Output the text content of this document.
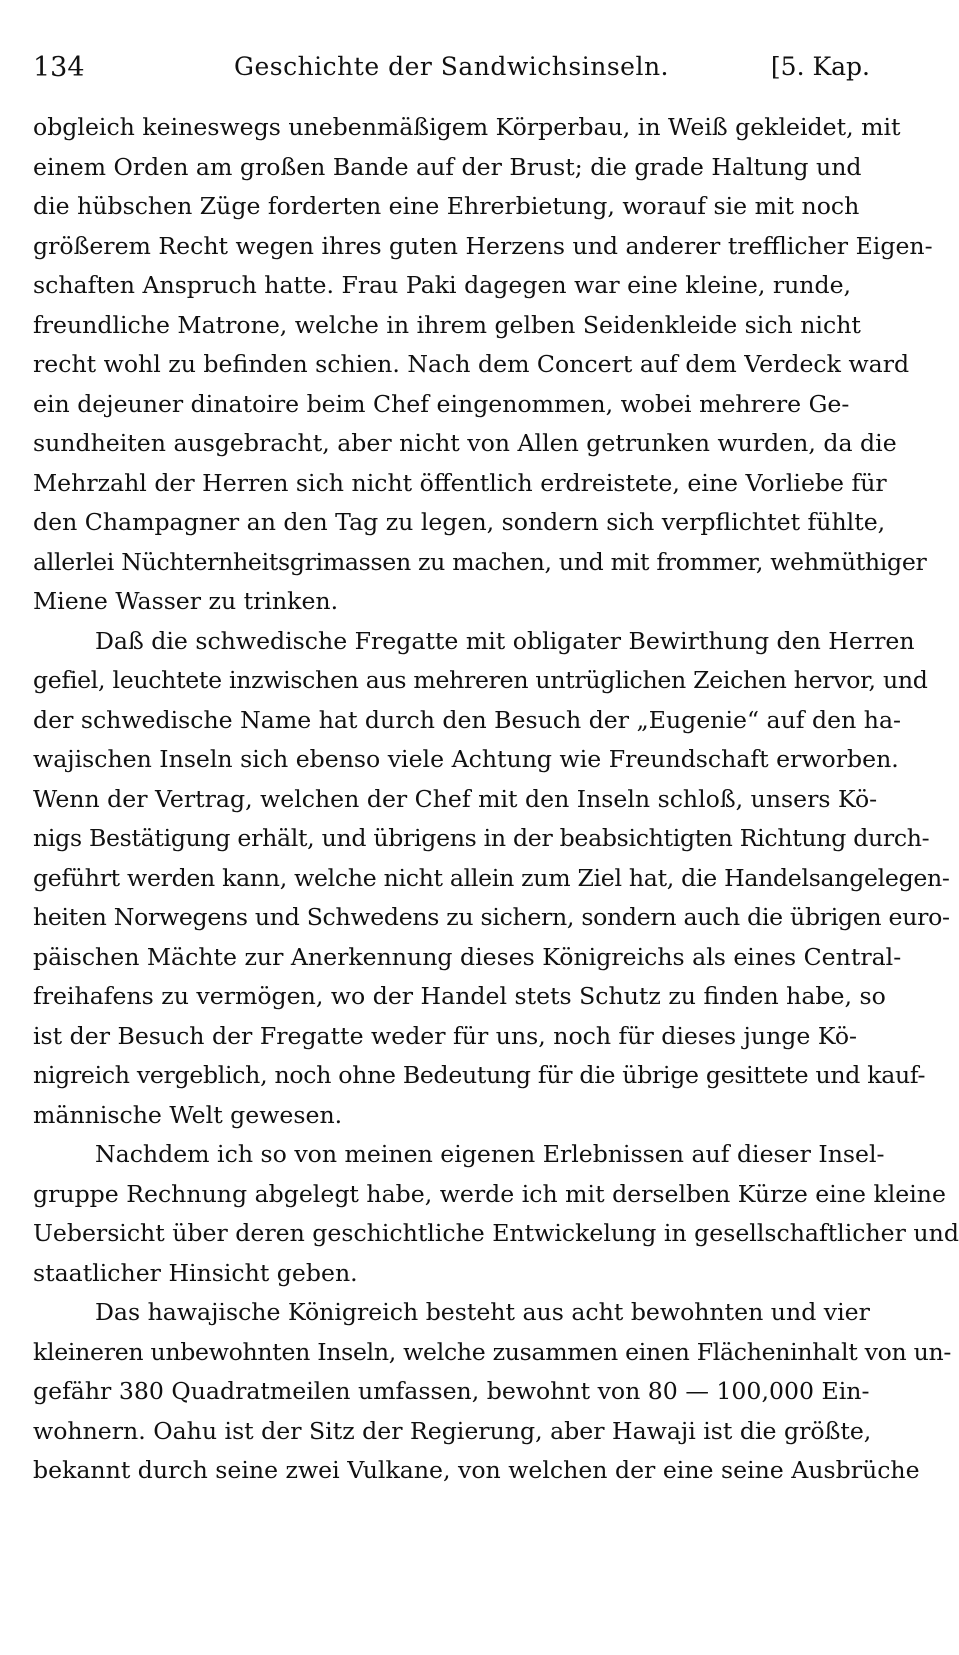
134	Geschichte der Sandwichsinseln.	[5. Kap.
obgleich keineswegs unebenmäßigem Körperbau, in Weiß gekleidet, mit
einem Orden am großen Bande auf der Brust; die grade Haltung und
die hübschen Züge forderten eine Ehrerbietung, worauf sie mit noch
größerem Recht wegen ihres guten Herzens und anderer trefflicher Eigen-
schaften Anspruch hatte. Frau Paki dagegen war eine kleine, runde,
freundliche Matrone, welche in ihrem gelben Seidenkleide sich nicht
recht wohl zu befinden schien. Nach dem Concert auf dem Verdeck ward
ein dejeuner dinatoire beim Chef eingenommen, wobei mehrere Ge-
sundheiten ausgebracht, aber nicht von Allen getrunken wurden, da die
Mehrzahl der Herren sich nicht öffentlich erdreistete, eine Vorliebe für
den Champagner an den Tag zu legen, sondern sich verpflichtet fühlte,
allerlei Nüchternheitsgrimassen zu machen, und mit frommer, wehmüthiger
Miene Wasser zu trinken.
Daß die schwedische Fregatte mit obligater Bewirthung den Herren
gefiel, leuchtete inzwischen aus mehreren untrüglichen Zeichen hervor, und
der schwedische Name hat durch den Besuch der „Eugenie“ auf den ha-
wajischen Inseln sich ebenso viele Achtung wie Freundschaft erworben.
Wenn der Vertrag, welchen der Chef mit den Inseln schloß, unsers Kö-
nigs Bestätigung erhält, und übrigens in der beabsichtigten Richtung durch-
geführt werden kann, welche nicht allein zum Ziel hat, die Handelsangelegen-
heiten Norwegens und Schwedens zu sichern, sondern auch die übrigen euro-
päischen Mächte zur Anerkennung dieses Königreichs als eines Central-
freihafens zu vermögen, wo der Handel stets Schutz zu finden habe, so
ist der Besuch der Fregatte weder für uns, noch für dieses junge Kö-
nigreich vergeblich, noch ohne Bedeutung für die übrige gesittete und kauf-
männische Welt gewesen.
Nachdem ich so von meinen eigenen Erlebnissen auf dieser Insel-
gruppe Rechnung abgelegt habe, werde ich mit derselben Kürze eine kleine
Uebersicht über deren geschichtliche Entwickelung in gesellschaftlicher und
staatlicher Hinsicht geben.
Das hawajische Königreich besteht aus acht bewohnten und vier
kleineren unbewohnten Inseln, welche zusammen einen Flächeninhalt von un-
gefähr 380 Quadratmeilen umfassen, bewohnt von 80 — 100,000 Ein-
wohnern. Oahu ist der Sitz der Regierung, aber Hawaji ist die größte,
bekannt durch seine zwei Vulkane, von welchen der eine seine Ausbrüche
